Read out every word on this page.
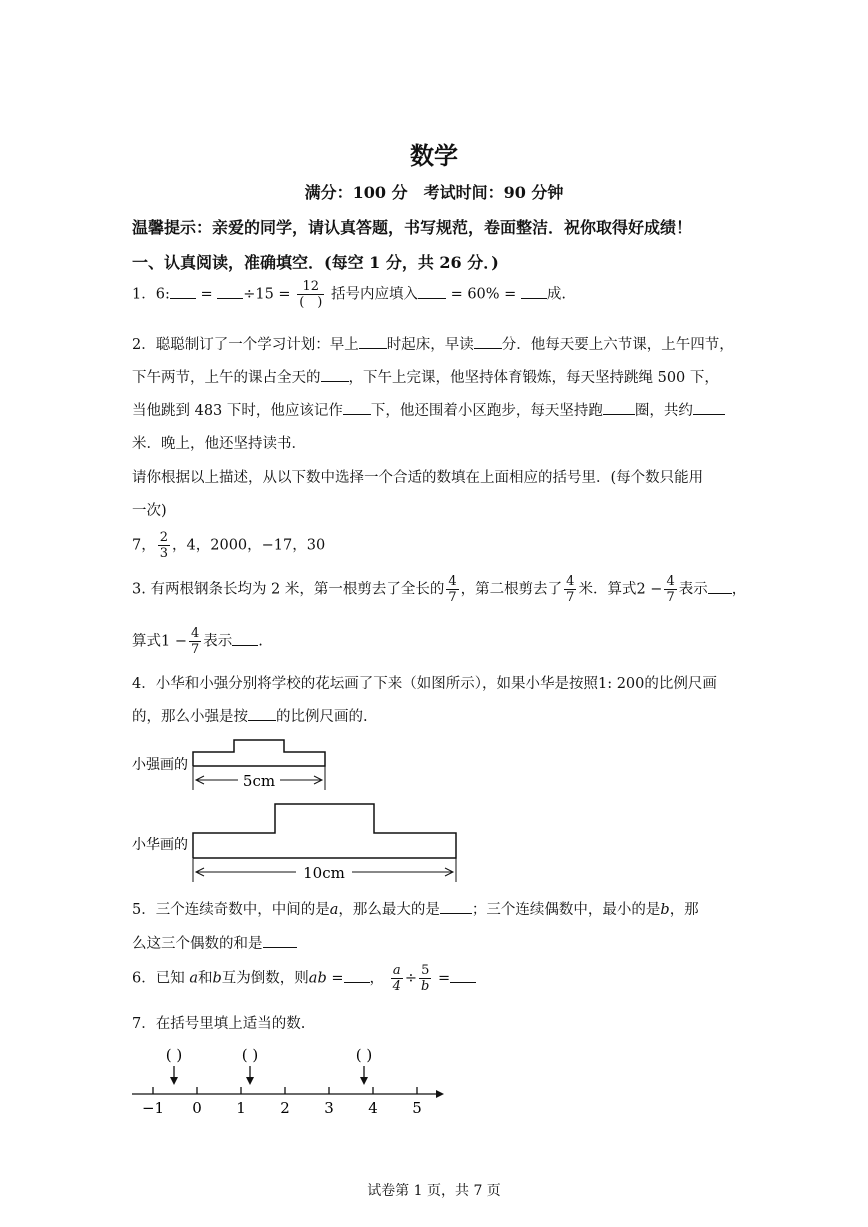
数学
满分：100 分　考试时间：90 分钟
温馨提示：亲爱的同学，请认真答题，书写规范，卷面整洁．祝你取得好成绩！
一、认真阅读，准确填空．(每空 1 分，共 26 分．)
1．6: = $\div 15 = \frac{12}{( )}$ 括号内应填入 = 60% = 成.
2．聪聪制订了一个学习计划：早上 时起床，早读 分．他每天要上六节课，上午四节，
下午两节，上午的课占全天的 ，下午上完课，他坚持体育锻炼，每天坚持跳绳 500 下，
当他跳到 483 下时，他应该记作 下，他还围着小区跑步，每天坚持跑 圈，共约
米．晚上，他还坚持读书．
请你根据以上描述，从以下数中选择一个合适的数填在上面相应的括号里．(每个数只能用
一次)
7， $\frac{2}{3}$ ，4，2000，−17，30
3. 有两根钢条长均为 2 米，第一根剪去了全长的 $\frac{4}{7}$ ，第二根剪去了 $\frac{4}{7}$ 米．算式$2 - \frac{4}{7}$ 表示 ，
算式$1 - \frac{4}{7}$ 表示 .
4．小华和小强分别将学校的花坛画了下来（如图所示），如果小华是按照1: 200的比例尺画
的，那么小强是按 的比例尺画的.
小强画的
5cm
小华画的
10cm
( )	( )	( )
−1 0 1 2 3 4 5
5．三个连续奇数中，中间的是a，那么最大的是 ；三个连续偶数中，最小的是b，那
么这三个偶数的和是
6．已知 a和b互为倒数，则ab = ， $\frac{a}{4} \div \frac{5}{b}$ =
7．在括号里填上适当的数.
试卷第 1 页，共 7 页
